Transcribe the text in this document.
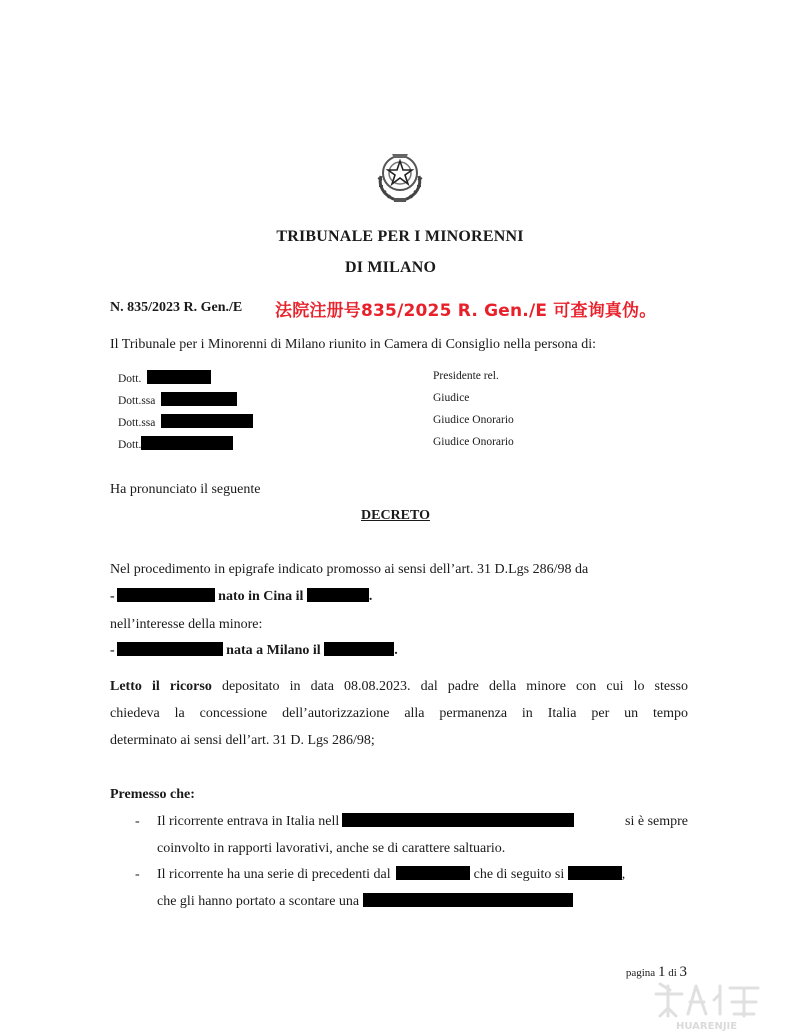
TRIBUNALE PER I MINORENNI
DI MILANO
N. 835/2023 R. Gen./E 法院注册号835/2025 R. Gen./E 可查询真伪。
Il Tribunale per i Minorenni di Milano riunito in Camera di Consiglio nella persona di:
Dott.	Presidente rel.
Dott.ssa	Giudice
Dott.ssa	Giudice Onorario
Dott.	Giudice Onorario
Ha pronunciato il seguente
DECRETO
Nel procedimento in epigrafe indicato promosso ai sensi dell’art. 31 D.Lgs 286/98 da
-	nato in Cina il	.
nell’interesse della minore:
-	nata a Milano il	.
Letto il ricorso depositato in data 08.08.2023. dal padre della minore con cui lo stesso
chiedeva la concessione dell’autorizzazione alla permanenza in Italia per un tempo
determinato ai sensi dell’art. 31 D. Lgs 286/98;
Premesso che:
- Il ricorrente entrava in Italia nell	si è sempre
coinvolto in rapporti lavorativi, anche se di carattere saltuario.
- Il ricorrente ha una serie di precedenti dal	che di seguito si	,
che gli hanno portato a scontare una
pagina 1 di 3
HUARENJIE
